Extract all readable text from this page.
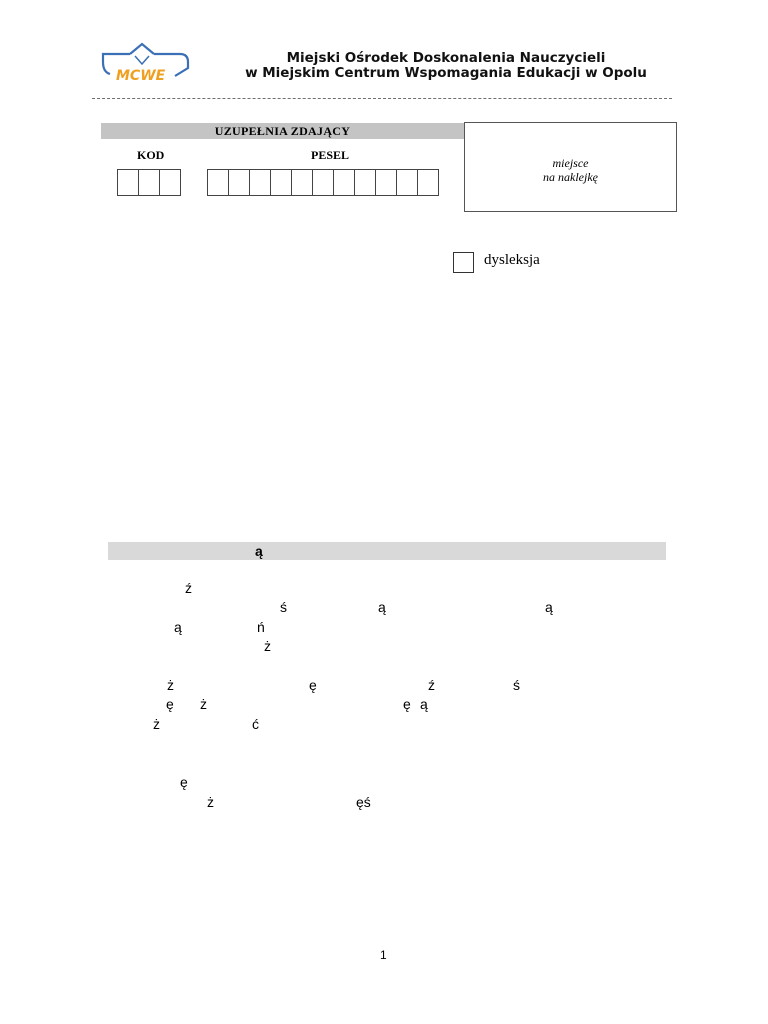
MCWE
Miejski Ośrodek Doskonalenia Nauczycieli
w Miejskim Centrum Wspomagania Edukacji w Opolu
UZUPEŁNIA ZDAJĄCY
KOD	PESEL
miejsce
na naklejkę
dysleksja
ą
ź
ś	ą	ą
ą	ń
ż
ż	ę	ź	ś
ę ż	ę ą
ż	ć
ę
ż	ęś
1
